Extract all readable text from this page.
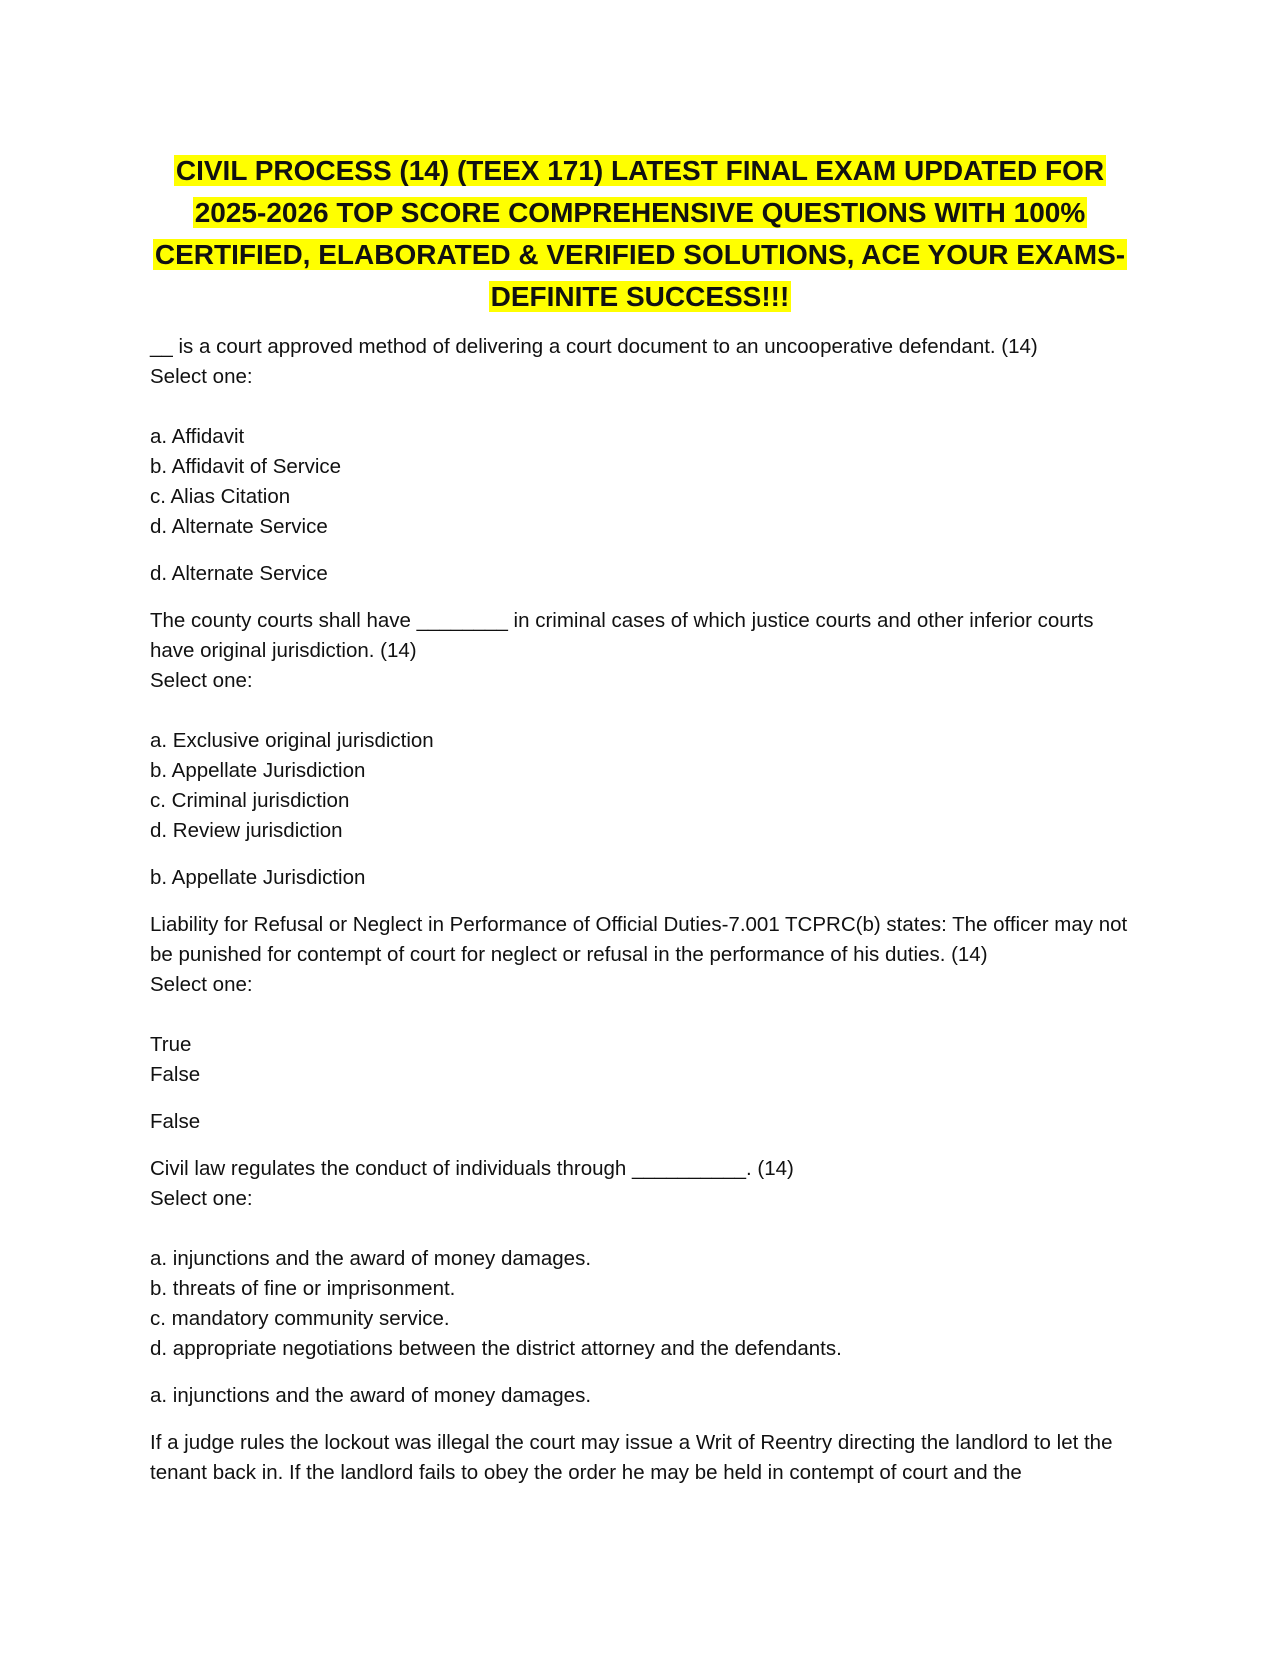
CIVIL PROCESS (14) (TEEX 171) LATEST FINAL EXAM UPDATED FOR 2025-2026 TOP SCORE COMPREHENSIVE QUESTIONS WITH 100% CERTIFIED, ELABORATED & VERIFIED SOLUTIONS, ACE YOUR EXAMS- DEFINITE SUCCESS!!!

__ is a court approved method of delivering a court document to an uncooperative defendant. (14)

Select one:

a. Affidavit
b. Affidavit of Service
c. Alias Citation
d. Alternate Service
d. Alternate Service

The county courts shall have ________ in criminal cases of which justice courts and other inferior courts have original jurisdiction. (14)

Select one:

a. Exclusive original jurisdiction
b. Appellate Jurisdiction
c. Criminal jurisdiction
d. Review jurisdiction
b. Appellate Jurisdiction

Liability for Refusal or Neglect in Performance of Official Duties-7.001 TCPRC(b) states: The officer may not be punished for contempt of court for neglect or refusal in the performance of his duties. (14)

Select one:

True
False
False

Civil law regulates the conduct of individuals through __________. (14)

Select one:

a. injunctions and the award of money damages.
b. threats of fine or imprisonment.
c. mandatory community service.
d. appropriate negotiations between the district attorney and the defendants.
a. injunctions and the award of money damages.

If a judge rules the lockout was illegal the court may issue a Writ of Reentry directing the landlord to let the tenant back in. If the landlord fails to obey the order he may be held in contempt of court and the
